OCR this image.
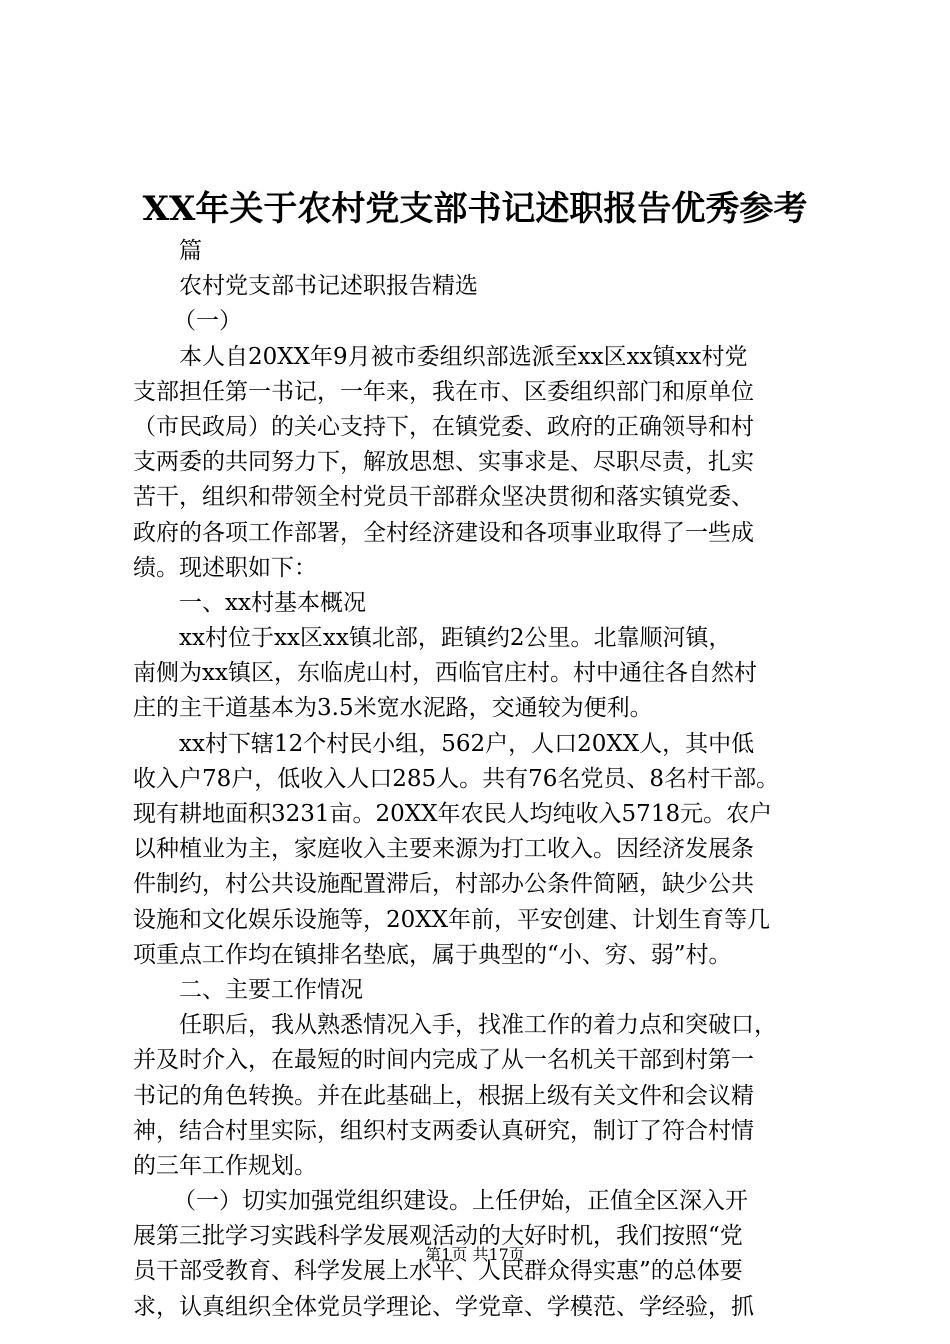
XX年关于农村党支部书记述职报告优秀参考
篇
农村党支部书记述职报告精选
（一）
本人自20XX年9月被市委组织部选派至xx区xx镇xx村党
支部担任第一书记，一年来，我在市、区委组织部门和原单位
（市民政局）的关心支持下，在镇党委、政府的正确领导和村
支两委的共同努力下，解放思想、实事求是、尽职尽责，扎实
苦干，组织和带领全村党员干部群众坚决贯彻和落实镇党委、
政府的各项工作部署，全村经济建设和各项事业取得了一些成
绩。现述职如下：
一、xx村基本概况
xx村位于xx区xx镇北部，距镇约2公里。北靠顺河镇，
南侧为xx镇区，东临虎山村，西临官庄村。村中通往各自然村
庄的主干道基本为3.5米宽水泥路，交通较为便利。
xx村下辖12个村民小组，562户，人口20XX人，其中低
收入户78户，低收入人口285人。共有76名党员、8名村干部。
现有耕地面积3231亩。20XX年农民人均纯收入5718元。农户
以种植业为主，家庭收入主要来源为打工收入。因经济发展条
件制约，村公共设施配置滞后，村部办公条件简陋，缺少公共
设施和文化娱乐设施等，20XX年前，平安创建、计划生育等几
项重点工作均在镇排名垫底，属于典型的“小、穷、弱”村。
二、主要工作情况
任职后，我从熟悉情况入手，找准工作的着力点和突破口，
并及时介入，在最短的时间内完成了从一名机关干部到村第一
书记的角色转换。并在此基础上，根据上级有关文件和会议精
神，结合村里实际，组织村支两委认真研究，制订了符合村情
的三年工作规划。
（一）切实加强党组织建设。上任伊始，正值全区深入开
展第三批学习实践科学发展观活动的大好时机，我们按照“党
员干部受教育、科学发展上水平、人民群众得实惠”的总体要
求，认真组织全体党员学理论、学党章、学模范、学经验，抓
第1页 共17页
